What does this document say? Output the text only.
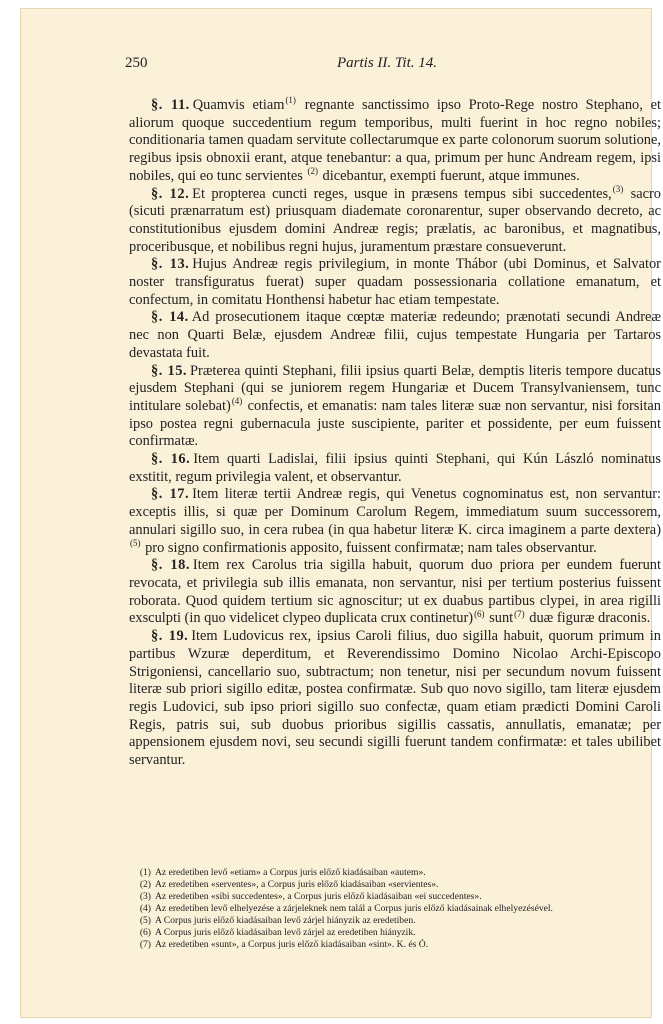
250	Partis II. Tit. 14.

§. 11. Quamvis etiam$^{(1)}$ regnante sanctissimo ipso Proto-Rege nostro Stephano, et aliorum quoque succedentium regum temporibus, multi fuerint in hoc regno nobiles; conditionaria tamen quadam servitute collectarumque ex parte colonorum suorum solutione, regibus ipsis obnoxii erant, atque tenebantur: a qua, primum per hunc Andream regem, ipsi nobiles, qui eo tunc servientes $^{(2)}$ dicebantur, exempti fuerunt, atque immunes.

§. 12. Et propterea cuncti reges, usque in præsens tempus sibi succedentes,$^{(3)}$ sacro (sicuti prænarratum est) priusquam diademate coronarentur, super observando decreto, ac constitutionibus ejusdem domini Andreæ regis; prælatis, ac baronibus, et magnatibus, proceribusque, et nobilibus regni hujus, juramentum præstare consueverunt.

§. 13. Hujus Andreæ regis privilegium, in monte Thábor (ubi Dominus, et Salvator noster transfiguratus fuerat) super quadam possessionaria collatione emanatum, et confectum, in comitatu Honthensi habetur hac etiam tempestate.

§. 14. Ad prosecutionem itaque cœptæ materiæ redeundo; prænotati secundi Andreæ nec non Quarti Belæ, ejusdem Andreæ filii, cujus tempestate Hungaria per Tartaros devastata fuit.

§. 15. Præterea quinti Stephani, filii ipsius quarti Belæ, demptis literis tempore ducatus ejusdem Stephani (qui se juniorem regem Hungariæ et Ducem Transylvaniensem, tunc intitulare solebat)$^{(4)}$ confectis, et emanatis: nam tales literæ suæ non servantur, nisi forsitan ipso postea regni gubernacula juste suscipiente, pariter et possidente, per eum fuissent confirmatæ.

§. 16. Item quarti Ladislai, filii ipsius quinti Stephani, qui Kún László nominatus exstitit, regum privilegia valent, et observantur.

§. 17. Item literæ tertii Andreæ regis, qui Venetus cognominatus est, non servantur: exceptis illis, si quæ per Dominum Carolum Regem, immediatum suum successorem, annulari sigillo suo, in cera rubea (in qua habetur literæ K. circa imaginem a parte dextera)$^{(5)}$ pro signo confirmationis apposito, fuissent confirmatæ; nam tales observantur.

§. 18. Item rex Carolus tria sigilla habuit, quorum duo priora per eundem fuerunt revocata, et privilegia sub illis emanata, non servantur, nisi per tertium posterius fuissent roborata. Quod quidem tertium sic agnoscitur; ut ex duabus partibus clypei, in area rigilli exsculpti (in quo videlicet clypeo duplicata crux continetur)$^{(6)}$ sunt$^{(7)}$ duæ figuræ draconis.

§. 19. Item Ludovicus rex, ipsius Caroli filius, duo sigilla habuit, quorum primum in partibus Wzuræ deperditum, et Reverendissimo Domino Nicolao Archi-Episcopo Strigoniensi, cancellario suo, subtractum; non tenetur, nisi per secundum novum fuissent literæ sub priori sigillo editæ, postea confirmatæ. Sub quo novo sigillo, tam literæ ejusdem regis Ludovici, sub ipso priori sigillo suo confectæ, quam etiam prædicti Domini Caroli Regis, patris sui, sub duobus prioribus sigillis cassatis, annullatis, emanatæ; per appensionem ejusdem novi, seu secundi sigilli fuerunt tandem confirmatæ: et tales ubilibet servantur.

(1) Az eredetiben levő «etiam» a Corpus juris előző kiadásaiban «autem».
(2) Az eredetiben «serventes», a Corpus juris előző kiadásaiban «servientes».
(3) Az eredetiben «sibi succedentes», a Corpus juris előző kiadásaiban «ei succedentes».
(4) Az eredetiben levő elhelyezése a zárjeleknek nem talál a Corpus juris előző kiadásainak elhelyezésével.
(5) A Corpus juris előző kiadásaiban levő zárjel hiányzik az eredetiben.
(6) A Corpus juris előző kiadásaiban levő zárjel az eredetiben hiányzik.
(7) Az eredetiben «sunt», a Corpus juris előző kiadásaiban «sint». K. és Ó.
